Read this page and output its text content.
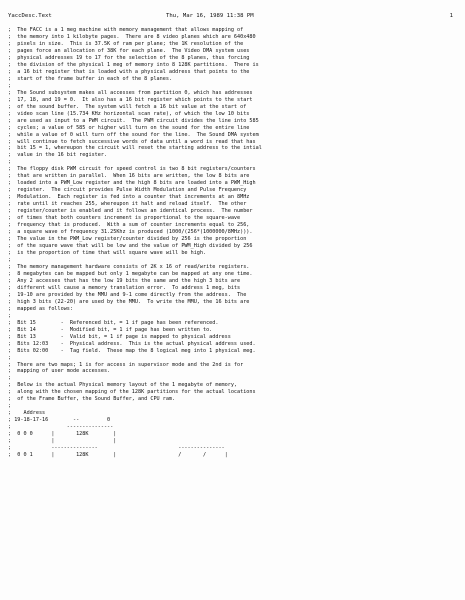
YaccDesc.Text	Thu, Mar 16, 1989 11:38 PM	1
;  The FACC is a 1 meg machine with memory management that allows mapping of
;  the memory into 1 kilobyte pages.  There are 8 video planes which are 640x480
;  pixels in size.  This is 37.5K of ram per plane; the 1K resolution of the
;  pages force an allocation of 38K for each plane.  The Video DMA system uses
;  physical addresses 19 to 17 for the selection of the 8 planes, thus forcing
;  the division of the physical 1 meg of memory into 8 128K partitions.  There is
;  a 16 bit register that is loaded with a physical address that points to the
;  start of the frame buffer in each of the 8 planes.
;
;  The Sound subsystem makes all accesses from partition 0, which has addresses
;  17, 18, and 19 = 0.  It also has a 16 bit register which points to the start
;  of the sound buffer.  The system will fetch a 16 bit value at the start of
;  video scan line (15.734 KHz horizontal scan rate), of which the low 10 bits
;  are used as input to a PWM circuit.  The PWM circuit divides the line into 585
;  cycles; a value of 585 or higher will turn on the sound for the entire line
;  while a value of 0 will turn off the sound for the line.  The Sound DMA system
;  will continue to fetch successive words of data until a word is read that has
;  bit 15 = 1, whereupon the circuit will reset the starting address to the intial
;  value in the 16 bit register.
;
;  The floppy disk PWM circuit for speed control is two 8 bit registers/counters
;  that are written in parallel.  When 16 bits are written, the low 8 bits are
;  loaded into a PWM_Low register and the high 8 bits are loaded into a PWM_High
;  register.  The circuit provides Pulse Width Modulation and Pulse Frequency
;  Modulation.  Each register is fed into a counter that increments at an 8MHz
;  rate until it reaches 255, whereupon it halt and reload itself.  The other
;  register/counter is enabled and it follows an identical process.  The number
;  of times that both counters increment is proportional to the square-wave
;  frequency that is produced.  With a sum of counter increments equal to 256,
;  a square wave of frequency 31.25Khz is produced (1000/(256*(1000000/8MHz))).
;  The value in the PWM_Low register/counter divided by 256 is the proportion
;  of the square wave that will be low and the value of PWM_High divided by 256
;  is the proportion of time that will square wave will be high.
;
;  The memory management hardware consists of 2K x 16 of read/write registers.
;  8 megabytes can be mapped but only 1 megabyte can be mapped at any one time.
;  Any 2 accesses that has the low 19 bits the same and the high 3 bits are
;  different will cause a memory translation error.  To address 1 meg, bits
;  19-10 are provided by the MMU and 9-1 come directly from the address.  The
;  high 3 bits (22-20) are used by the MMU.  To write the MMU, the 16 bits are
;  mapped as follows:
;
;  Bit 15        -  Referenced bit, = 1 if page has been referenced.
;  Bit 14        -  Modified bit, = 1 if page has been written to.
;  Bit 13        -  Valid bit, = 1 if page is mapped to physical address
;  Bits 12:03    -  Physical address.  This is the actual physical address used.
;  Bits 02:00    -  Tag field.  These map the 8 logical meg into 1 physical meg.
;
;  There are two maps; 1 is for access in supervisor mode and the 2nd is for
;  mapping of user mode accesses.
;
;  Below is the actual Physical memory layout of the 1 megabyte of memory,
;  along with the chosen mapping of the 128K partitions for the actual locations
;  of the Frame Buffer, the Sound Buffer, and CPU ram.
;
;    Address
; 19-18-17-16        --         0
;                  ---------------
;  0 0 0      |       128K        |
;             |                   |
;             ---------------                          ---------------
;  0 0 1      |       128K        |                    /       /      |
